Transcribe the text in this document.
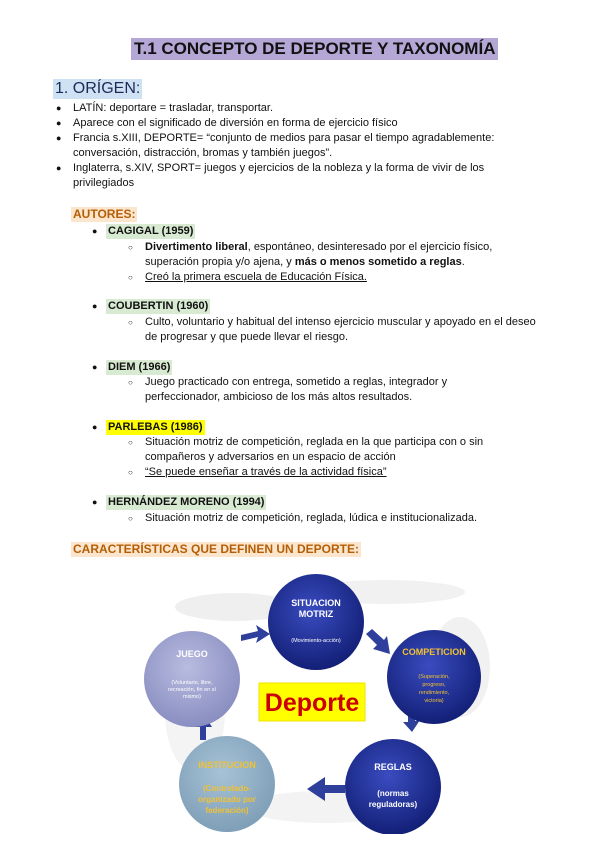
T.1 CONCEPTO DE DEPORTE Y TAXONOMÍA
1. ORÍGEN:
● LATÍN: deportare = trasladar, transportar.
● Aparece con el significado de diversión en forma de ejercicio físico
● Francia s.XIII, DEPORTE= “conjunto de medios para pasar el tiempo agradablemente: conversación, distracción, bromas y también juegos”.
● Inglaterra, s.XIV, SPORT= juegos y ejercicios de la nobleza y la forma de vivir de los privilegiados
AUTORES:
● CAGIGAL (1959)
○ Divertimento liberal, espontáneo, desinteresado por el ejercicio físico, superación propia y/o ajena, y más o menos sometido a reglas.
○ Creó la primera escuela de Educación Física.
● COUBERTIN (1960)
○ Culto, voluntario y habitual del intenso ejercicio muscular y apoyado en el deseo de progresar y que puede llevar el riesgo.
● DIEM (1966)
○ Juego practicado con entrega, sometido a reglas, integrador y perfeccionador, ambicioso de los más altos resultados.
● PARLEBAS (1986)
○ Situación motriz de competición, reglada en la que participa con o sin compañeros y adversarios en un espacio de acción
○ “Se puede enseñar a través de la actividad física”
● HERNÁNDEZ MORENO (1994)
○ Situación motriz de competición, reglada, lúdica e institucionalizada.
CARACTERÍSTICAS QUE DEFINEN UN DEPORTE:
SITUACION
MOTRIZ
(Movimiento-acción)
COMPETICION
(Superación,
progreso,
rendimiento,
victoria)
REGLAS
(normas
reguladoras)
INSTITUCION
(Controlado-
organizado por
federación)
JUEGO
(Voluntario, libre,
recreación, fin en sí
mismo)	Deporte
